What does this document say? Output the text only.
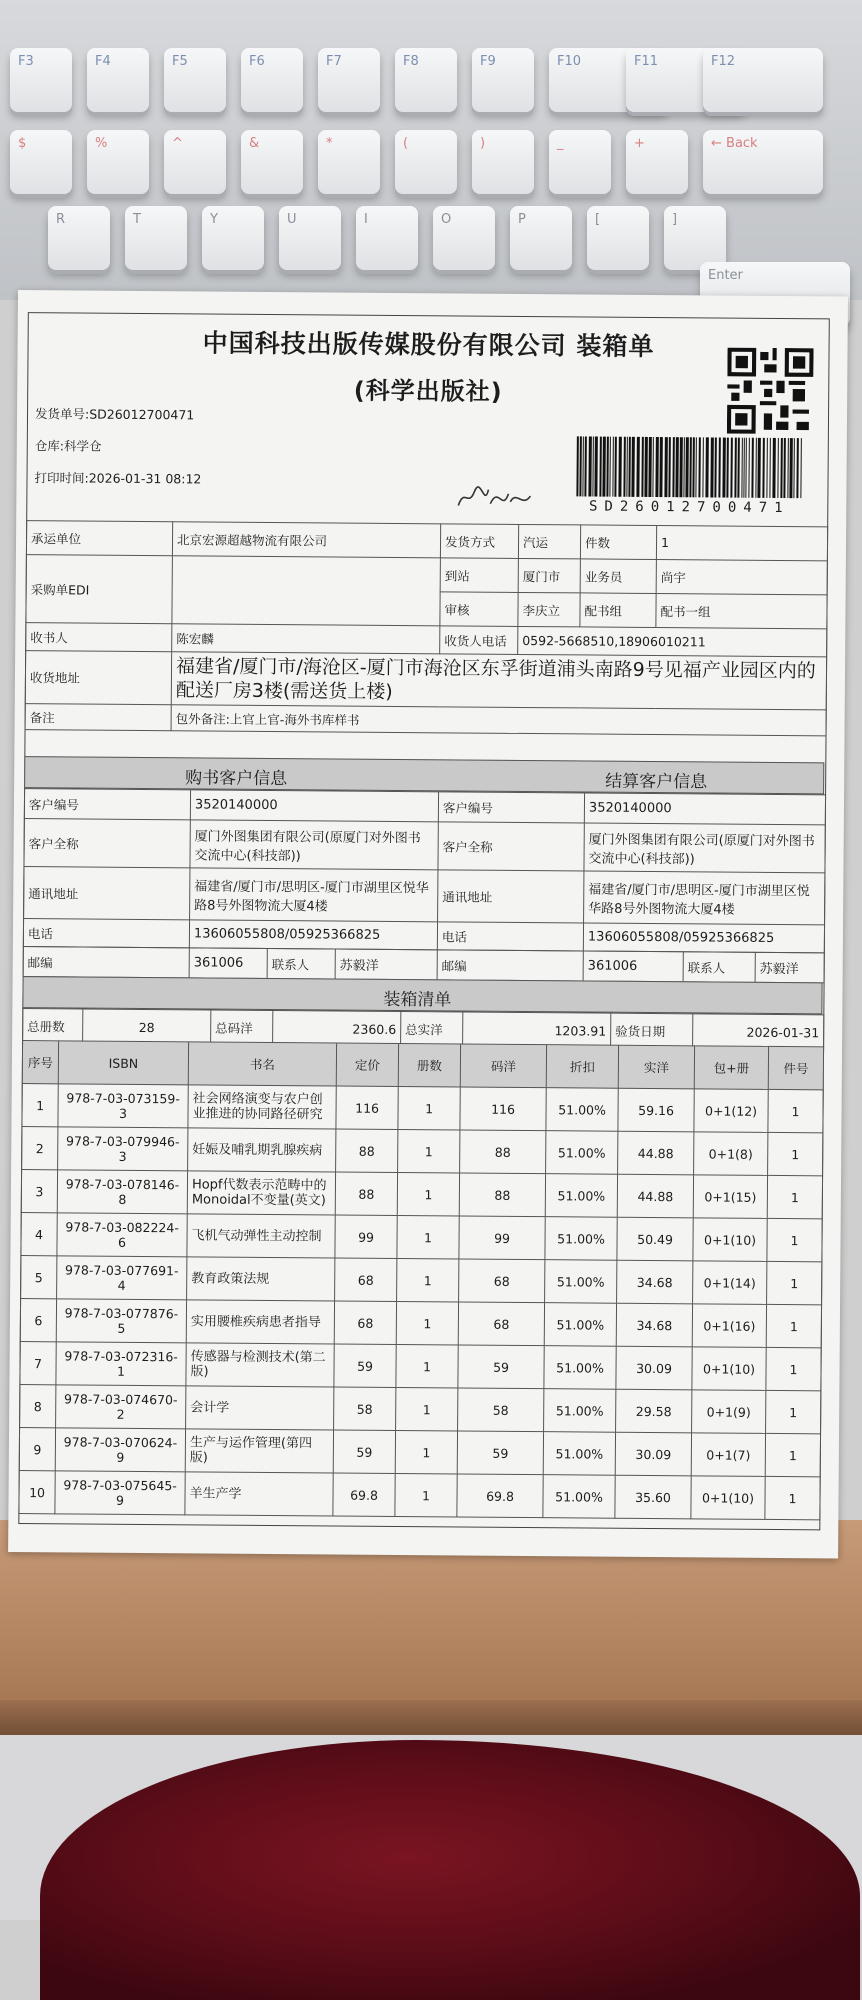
F3	F4	F5	F6	F7	F8	F9	F10	F11	F12
$	%	^	&	*	(	)	_	+	← Back
R	T	Y	U	I	O	P	[	]
Enter
中国科技出版传媒股份有限公司 装箱单
(科学出版社)
发货单号:SD26012700471
仓库:科学仓
打印时间:2026-01-31 08:12
SD26012700471
承运单位	北京宏源超越物流有限公司	发货方式	汽运	件数	1
采购单EDI		到站	厦门市	业务员	尚宇
		审核	李庆立	配书组	配书一组
收书人	陈宏麟	收货人电话	0592-5668510,18906010211		
收货地址	福建省/厦门市/海沧区-厦门市海沧区东孚街道浦头南路9号见福产业园区内的配送厂房3楼(需送货上楼)				
备注	包外备注:上官上官-海外书库样书				
购书客户信息	结算客户信息
客户编号	3520140000	客户编号	3520140000
客户全称	厦门外图集团有限公司(原厦门对外图书交流中心(科技部))	客户全称	厦门外图集团有限公司(原厦门对外图书交流中心(科技部))
通讯地址	福建省/厦门市/思明区-厦门市湖里区悦华路8号外图物流大厦4楼	通讯地址	福建省/厦门市/思明区-厦门市湖里区悦华路8号外图物流大厦4楼
电话	13606055808/05925366825	电话	13606055808/05925366825
邮编	361006	联系人	苏毅洋	邮编	361006	联系人	苏毅洋
装箱清单
总册数	28	总码洋	2360.6	总实洋	1203.91	验货日期	2026-01-31
序号	ISBN	书名	定价	册数	码洋	折扣	实洋	包+册	件号
1	978-7-03-073159-3	社会网络演变与农户创业推进的协同路径研究	116	1	116	51.00%	59.16	0+1(12)	1
2	978-7-03-079946-3	妊娠及哺乳期乳腺疾病	88	1	88	51.00%	44.88	0+1(8)	1
3	978-7-03-078146-8	Hopf代数表示范畴中的Monoidal不变量(英文)	88	1	88	51.00%	44.88	0+1(15)	1
4	978-7-03-082224-6	飞机气动弹性主动控制	99	1	99	51.00%	50.49	0+1(10)	1
5	978-7-03-077691-4	教育政策法规	68	1	68	51.00%	34.68	0+1(14)	1
6	978-7-03-077876-5	实用腰椎疾病患者指导	68	1	68	51.00%	34.68	0+1(16)	1
7	978-7-03-072316-1	传感器与检测技术(第二版)	59	1	59	51.00%	30.09	0+1(10)	1
8	978-7-03-074670-2	会计学	58	1	58	51.00%	29.58	0+1(9)	1
9	978-7-03-070624-9	生产与运作管理(第四版)	59	1	59	51.00%	30.09	0+1(7)	1
10	978-7-03-075645-9	羊生产学	69.8	1	69.8	51.00%	35.60	0+1(10)	1
